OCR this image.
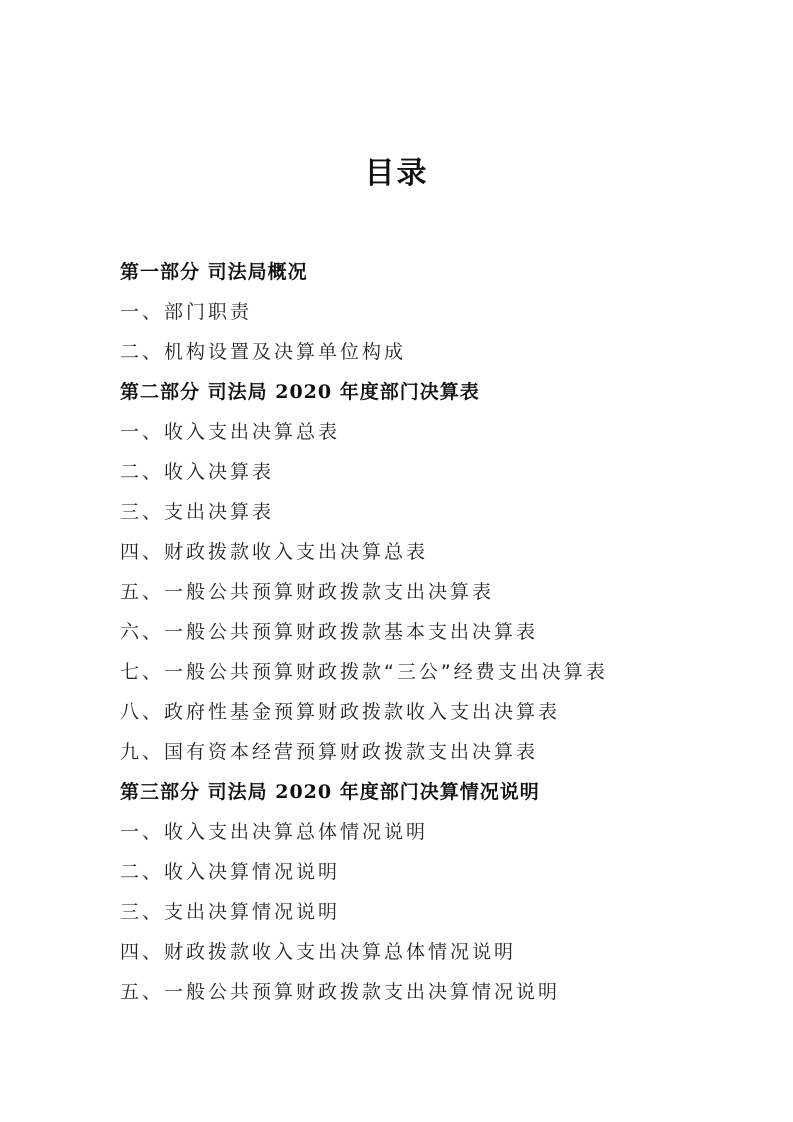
目录
第一部分 司法局概况
一、部门职责
二、机构设置及决算单位构成
第二部分 司法局 2020 年度部门决算表
一、收入支出决算总表
二、收入决算表
三、支出决算表
四、财政拨款收入支出决算总表
五、一般公共预算财政拨款支出决算表
六、一般公共预算财政拨款基本支出决算表
七、一般公共预算财政拨款“三公”经费支出决算表
八、政府性基金预算财政拨款收入支出决算表
九、国有资本经营预算财政拨款支出决算表
第三部分 司法局 2020 年度部门决算情况说明
一、收入支出决算总体情况说明
二、收入决算情况说明
三、支出决算情况说明
四、财政拨款收入支出决算总体情况说明
五、一般公共预算财政拨款支出决算情况说明
